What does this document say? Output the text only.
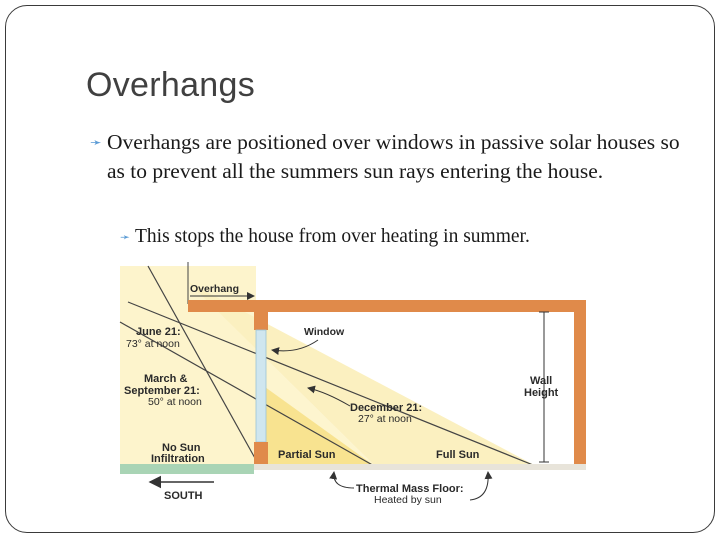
Overhangs
➛ Overhangs are positioned over windows in passive solar houses so as to prevent all the summers sun rays entering the house.
➛ This stops the house from over heating in summer.
Overhang
Window
June 21:
73° at noon
March &
September 21:
50° at noon
No Sun
Infiltration
December 21:
27° at noon
Wall
Height
Partial Sun	Full Sun
Thermal Mass Floor:
Heated by sun
SOUTH
